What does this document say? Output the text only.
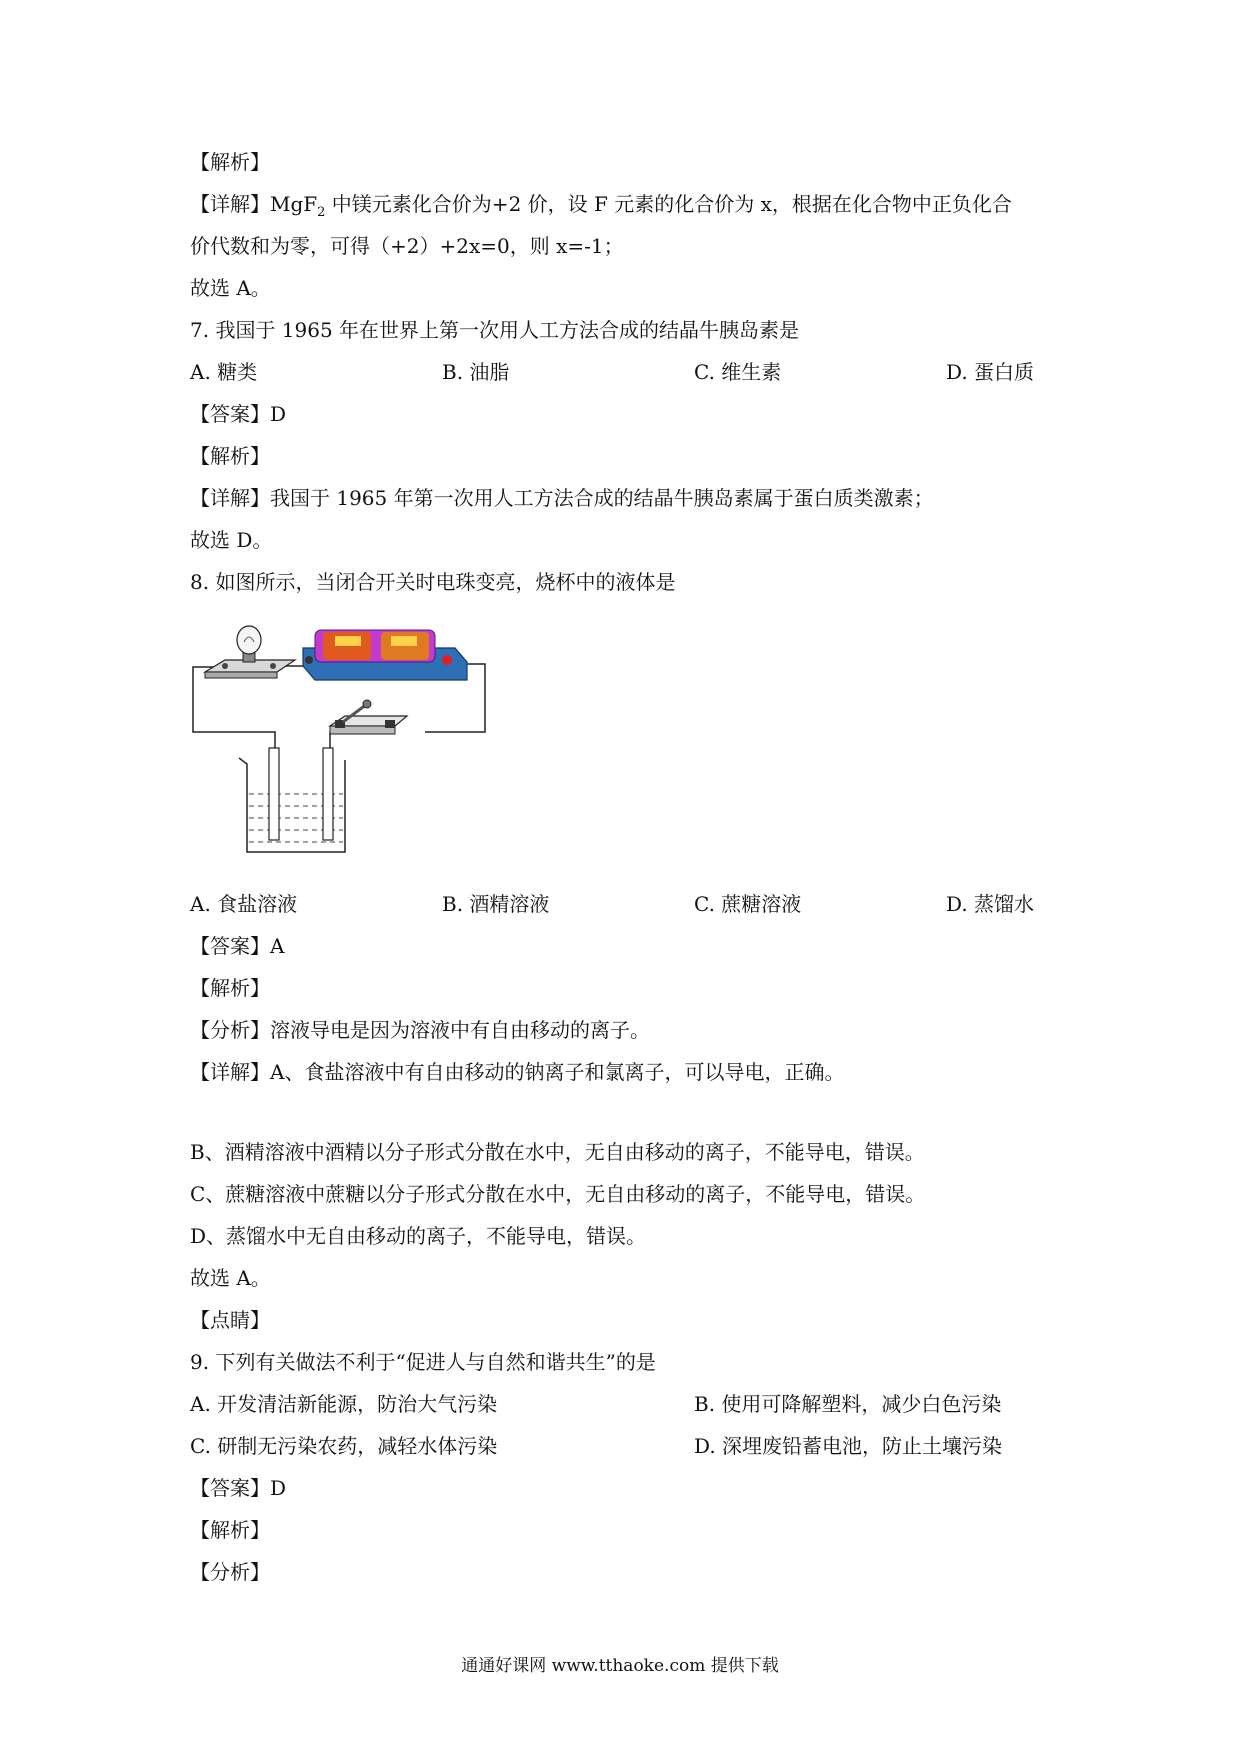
【解析】
【详解】MgF$_2$ 中镁元素化合价为+2 价，设 F 元素的化合价为 x，根据在化合物中正负化合
价代数和为零，可得（+2）+2x=0，则 x=-1；
故选 A。
7. 我国于 1965 年在世界上第一次用人工方法合成的结晶牛胰岛素是
A. 糖类	B. 油脂	C. 维生素	D. 蛋白质
【答案】D
【解析】
【详解】我国于 1965 年第一次用人工方法合成的结晶牛胰岛素属于蛋白质类激素；
故选 D。
8. 如图所示，当闭合开关时电珠变亮，烧杯中的液体是
A. 食盐溶液	B. 酒精溶液	C. 蔗糖溶液	D. 蒸馏水
【答案】A
【解析】
【分析】溶液导电是因为溶液中有自由移动的离子。
【详解】A、食盐溶液中有自由移动的钠离子和氯离子，可以导电，正确。
B、酒精溶液中酒精以分子形式分散在水中，无自由移动的离子，不能导电，错误。
C、蔗糖溶液中蔗糖以分子形式分散在水中，无自由移动的离子，不能导电，错误。
D、蒸馏水中无自由移动的离子，不能导电，错误。
故选 A。
【点睛】
9. 下列有关做法不利于“促进人与自然和谐共生”的是
A. 开发清洁新能源，防治大气污染	B. 使用可降解塑料，减少白色污染
C. 研制无污染农药，减轻水体污染	D. 深埋废铅蓄电池，防止土壤污染
【答案】D
【解析】
【分析】
通通好课网 www.tthaoke.com 提供下载
